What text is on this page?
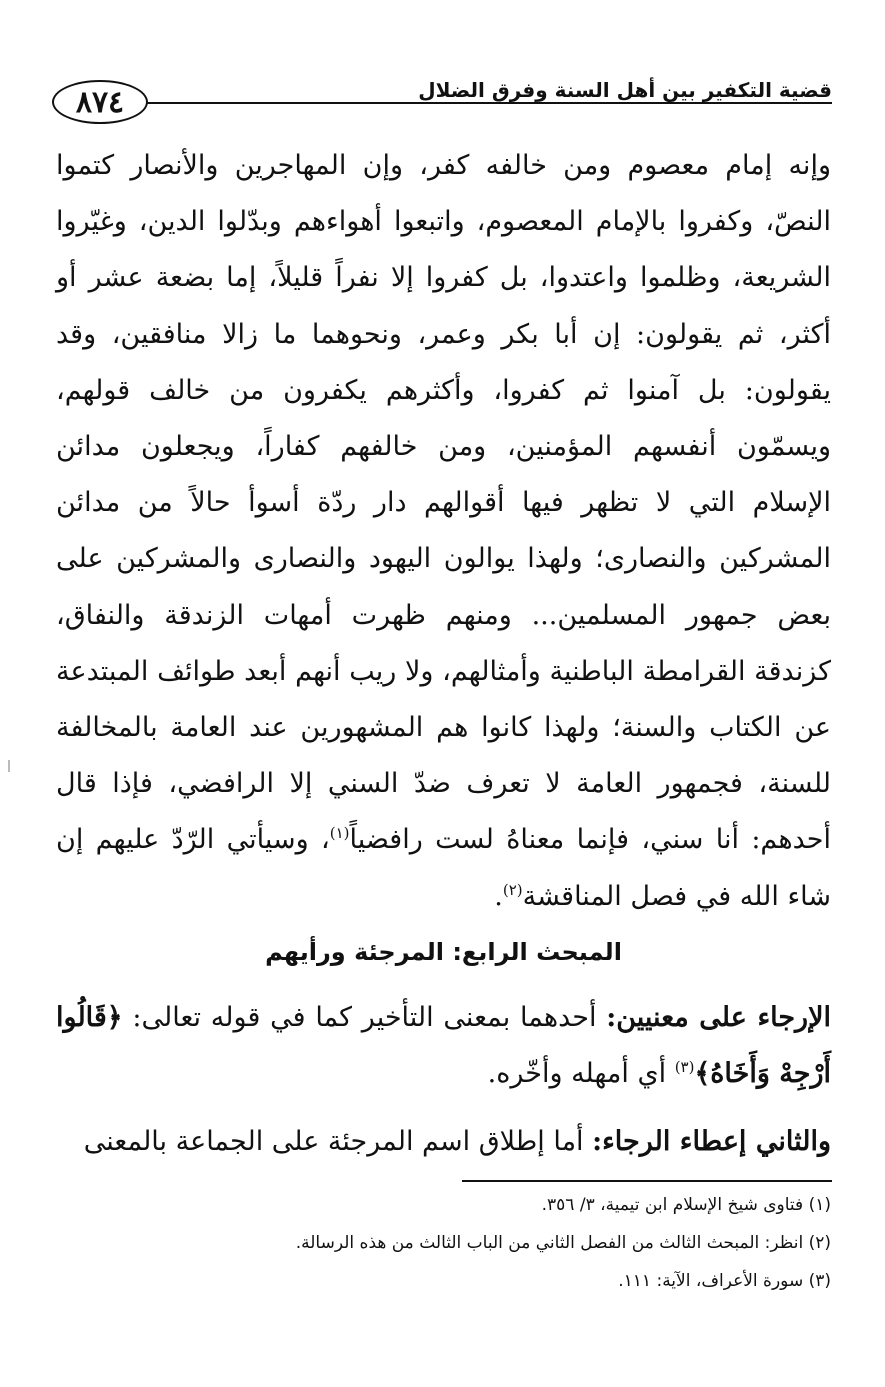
٨٧٤	قضية التكفير بين أهل السنة وفرق الضلال

وإنه إمام معصوم ومن خالفه كفر، وإن المهاجرين والأنصار كتموا النصّ، وكفروا بالإمام المعصوم، واتبعوا أهواءهم وبدّلوا الدين، وغيّروا الشريعة، وظلموا واعتدوا، بل كفروا إلا نفراً قليلاً، إما بضعة عشر أو أكثر، ثم يقولون: إن أبا بكر وعمر، ونحوهما ما زالا منافقين، وقد يقولون: بل آمنوا ثم كفروا، وأكثرهم يكفرون من خالف قولهم، ويسمّون أنفسهم المؤمنين، ومن خالفهم كفاراً، ويجعلون مدائن الإسلام التي لا تظهر فيها أقوالهم دار ردّة أسوأ حالاً من مدائن المشركين والنصارى؛ ولهذا يوالون اليهود والنصارى والمشركين على بعض جمهور المسلمين... ومنهم ظهرت أمهات الزندقة والنفاق، كزندقة القرامطة الباطنية وأمثالهم، ولا ريب أنهم أبعد طوائف المبتدعة عن الكتاب والسنة؛ ولهذا كانوا هم المشهورين عند العامة بالمخالفة للسنة، فجمهور العامة لا تعرف ضدّ السني إلا الرافضي، فإذا قال أحدهم: أنا سني، فإنما معناهُ لست رافضياً$^{(١)}$، وسيأتي الرّدّ عليهم إن شاء الله في فصل المناقشة$^{(٢)}$.

المبحث الرابع: المرجئة ورأيهم

الإرجاء على معنيين: أحدهما بمعنى التأخير كما في قوله تعالى: ﴿قَالُوا أَرْجِهْ وَأَخَاهُ﴾$^{(٣)}$ أي أمهله وأخّره.

والثاني إعطاء الرجاء: أما إطلاق اسم المرجئة على الجماعة بالمعنى

(١) فتاوى شيخ الإسلام ابن تيمية، ٣/ ٣٥٦.
(٢) انظر: المبحث الثالث من الفصل الثاني من الباب الثالث من هذه الرسالة.
(٣) سورة الأعراف، الآية: ١١١.
